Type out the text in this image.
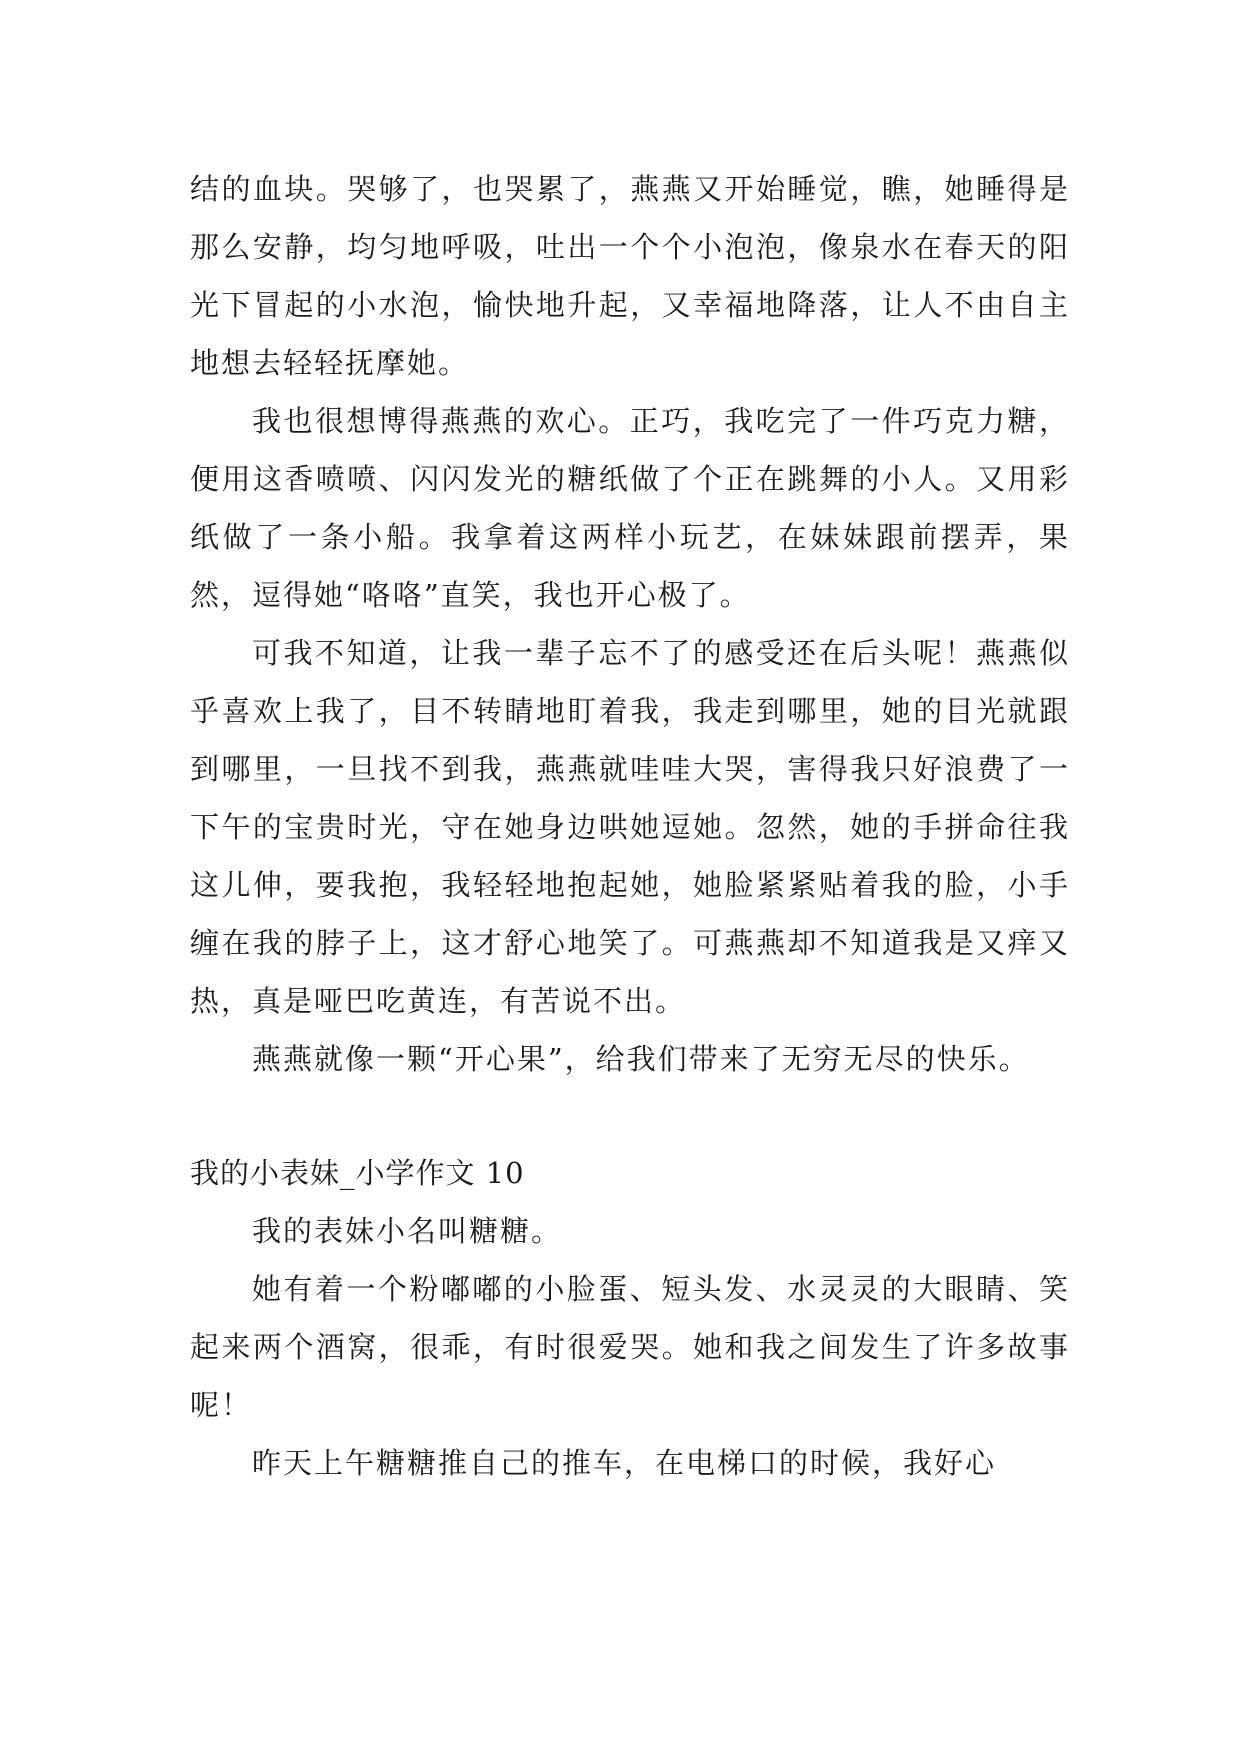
结的血块。哭够了，也哭累了，燕燕又开始睡觉，瞧，她睡得是那么安静，均匀地呼吸，吐出一个个小泡泡，像泉水在春天的阳光下冒起的小水泡，愉快地升起，又幸福地降落，让人不由自主地想去轻轻抚摩她。

我也很想博得燕燕的欢心。正巧，我吃完了一件巧克力糖，便用这香喷喷、闪闪发光的糖纸做了个正在跳舞的小人。又用彩纸做了一条小船。我拿着这两样小玩艺，在妹妹跟前摆弄，果然，逗得她“咯咯”直笑，我也开心极了。

可我不知道，让我一辈子忘不了的感受还在后头呢！燕燕似乎喜欢上我了，目不转睛地盯着我，我走到哪里，她的目光就跟到哪里，一旦找不到我，燕燕就哇哇大哭，害得我只好浪费了一下午的宝贵时光，守在她身边哄她逗她。忽然，她的手拼命往我这儿伸，要我抱，我轻轻地抱起她，她脸紧紧贴着我的脸，小手缠在我的脖子上，这才舒心地笑了。可燕燕却不知道我是又痒又热，真是哑巴吃黄连，有苦说不出。

燕燕就像一颗“开心果”，给我们带来了无穷无尽的快乐。

我的小表妹_小学作文 10

我的表妹小名叫糖糖。

她有着一个粉嘟嘟的小脸蛋、短头发、水灵灵的大眼睛、笑起来两个酒窝，很乖，有时很爱哭。她和我之间发生了许多故事呢！

昨天上午糖糖推自己的推车，在电梯口的时候，我好心
